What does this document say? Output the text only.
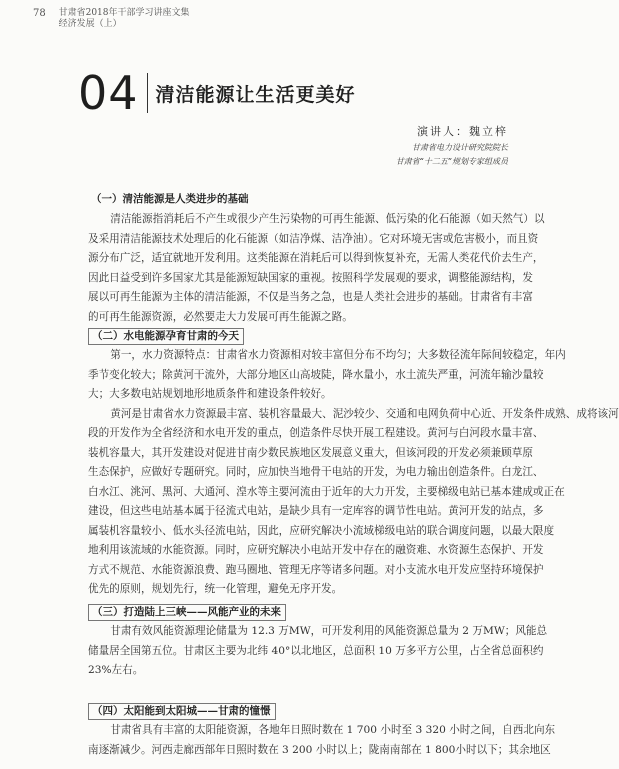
78 甘肃省2018年干部学习讲座文集
经济发展（上）
04 清洁能源让生活更美好
演讲人：魏立梓
甘肃省电力设计研究院院长
甘肃省“十二五”规划专家组成员
（一）清洁能源是人类进步的基础
清洁能源指消耗后不产生或很少产生污染物的可再生能源、低污染的化石能源（如天然气）以
及采用清洁能源技术处理后的化石能源（如洁净煤、洁净油）。它对环境无害或危害极小，而且资
源分布广泛，适宜就地开发利用。这类能源在消耗后可以得到恢复补充，无需人类花代价去生产，
因此日益受到许多国家尤其是能源短缺国家的重视。按照科学发展观的要求，调整能源结构，发
展以可再生能源为主体的清洁能源，不仅是当务之急，也是人类社会进步的基础。甘肃省有丰富
的可再生能源资源，必然要走大力发展可再生能源之路。
（二）水电能源孕育甘肃的今天
第一，水力资源特点：甘肃省水力资源相对较丰富但分布不均匀；大多数径流年际间较稳定，年内
季节变化较大；除黄河干流外，大部分地区山高坡陡，降水量小，水土流失严重，河流年输沙量较
大；大多数电站规划地形地质条件和建设条件较好。
黄河是甘肃省水力资源最丰富、装机容量最大、泥沙较少、交通和电网负荷中心近、开发条件成熟、成将该河
段的开发作为全省经济和水电开发的重点，创造条件尽快开展工程建设。黄河与白河段水量丰富、
装机容量大，其开发建设对促进甘南少数民族地区发展意义重大，但该河段的开发必须兼顾草原
生态保护，应做好专题研究。同时，应加快当地骨干电站的开发，为电力输出创造条件。白龙江、
白水江、洮河、黑河、大通河、湟水等主要河流由于近年的大力开发，主要梯级电站已基本建成或正在
建设，但这些电站基本属于径流式电站，是缺少具有一定库容的调节性电站。黄河开发的站点，多
属装机容量较小、低水头径流电站，因此，应研究解决小流域梯级电站的联合调度问题，以最大限度
地利用该流域的水能资源。同时，应研究解决小电站开发中存在的融资难、水资源生态保护、开发
方式不规范、水能资源浪费、跑马圈地、管理无序等诸多问题。对小支流水电开发应坚持环境保护
优先的原则，规划先行，统一化管理，避免无序开发。
（三）打造陆上三峡——风能产业的未来
甘肃有效风能资源理论储量为 12.3 万MW，可开发利用的风能资源总量为 2 万MW；风能总
储量居全国第五位。甘肃区主要为北纬 40°以北地区，总面积 10 万多平方公里，占全省总面积约
23%左右。
（四）太阳能到太阳城——甘肃的憧憬
甘肃省具有丰富的太阳能资源，各地年日照时数在 1 700 小时至 3 320 小时之间，自西北向东
南逐渐减少。河西走廊西部年日照时数在 3 200 小时以上；陇南南部在 1 800小时以下；其余地区
